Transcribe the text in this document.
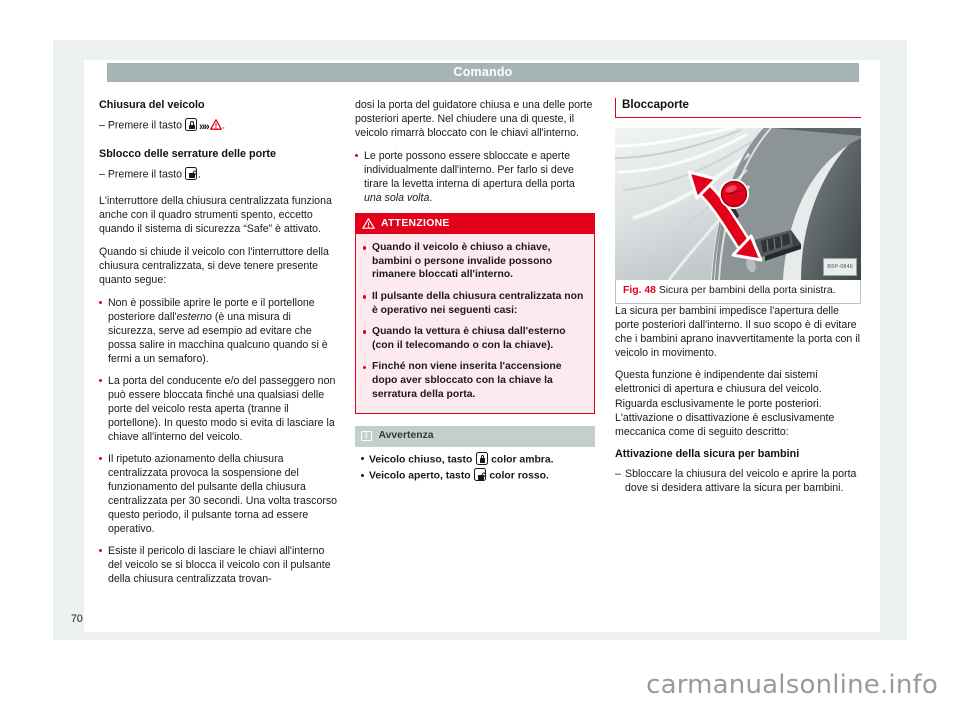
Comando
Chiusura del veicolo

– Premere il tasto »» .

Sblocco delle serrature delle porte

– Premere il tasto .

L'interruttore della chiusura centralizzata funziona anche con il quadro strumenti spento, eccetto quando il sistema di sicurezza “Safe” è attivato.

Quando si chiude il veicolo con l'interruttore della chiusura centralizzata, si deve tenere presente quanto segue:

Non è possibile aprire le porte e il portellone posteriore dall'esterno (è una misura di sicurezza, serve ad esempio ad evitare che possa salire in macchina qualcuno quando si è fermi a un semaforo).
La porta del conducente e/o del passeggero non può essere bloccata finché una qualsiasi delle porte del veicolo resta aperta (tranne il portellone). In questo modo si evita di lasciare la chiave all'interno del veicolo.
Il ripetuto azionamento della chiusura centralizzata provoca la sospensione del funzionamento del pulsante della chiusura centralizzata per 30 secondi. Una volta trascorso questo periodo, il pulsante torna ad essere operativo.
Esiste il pericolo di lasciare le chiavi all'interno del veicolo se si blocca il veicolo con il pulsante della chiusura centralizzata trovan-

dosi la porta del guidatore chiusa e una delle porte posteriori aperte. Nel chiudere una di queste, il veicolo rimarrà bloccato con le chiavi all'interno.

Le porte possono essere sbloccate e aperte individualmente dall'interno. Per farlo si deve tirare la levetta interna di apertura della porta una sola volta.
ATTENZIONE
Quando il veicolo è chiuso a chiave, bambini o persone invalide possono rimanere bloccati all'interno.
Il pulsante della chiusura centralizzata non è operativo nei seguenti casi:
Quando la vettura è chiusa dall'esterno (con il telecomando o con la chiave).
Finché non viene inserita l'accensione dopo aver sbloccato con la chiave la serratura della porta.
i	Avvertenza
Veicolo chiuso, tasto color ambra.
Veicolo aperto, tasto color rosso.
Bloccaporte
B5P-0846
Fig. 48 Sicura per bambini della porta sinistra.

La sicura per bambini impedisce l'apertura delle porte posteriori dall'interno. Il suo scopo è di evitare che i bambini aprano inavvertitamente la porta con il veicolo in movimento.

Questa funzione è indipendente dai sistemi elettronici di apertura e chiusura del veicolo. Riguarda esclusivamente le porte posteriori. L'attivazione o disattivazione è esclusivamente meccanica come di seguito descritto:

Attivazione della sicura per bambini
– Sbloccare la chiusura del veicolo e aprire la porta dove si desidera attivare la sicura per bambini.
70
carmanualsonline.info
